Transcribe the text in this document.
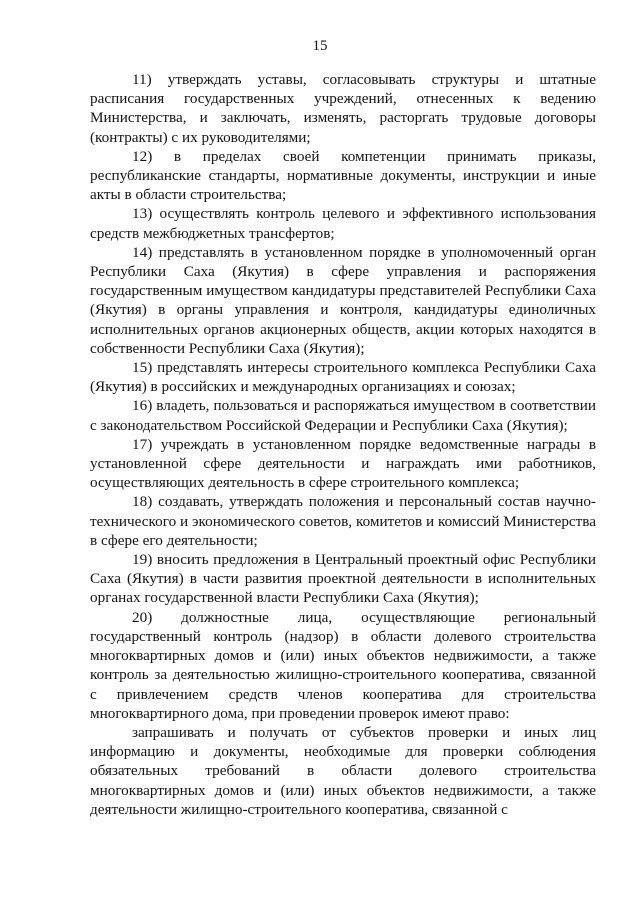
15

11) утверждать уставы, согласовывать структуры и штатные расписания государственных учреждений, отнесенных к ведению Министерства, и заключать, изменять, расторгать трудовые договоры (контракты) с их руководителями;

12) в пределах своей компетенции принимать приказы, республиканские стандарты, нормативные документы, инструкции и иные акты в области строительства;

13) осуществлять контроль целевого и эффективного использования средств межбюджетных трансфертов;

14) представлять в установленном порядке в уполномоченный орган Республики Саха (Якутия) в сфере управления и распоряжения государственным имуществом кандидатуры представителей Республики Саха (Якутия) в органы управления и контроля, кандидатуры единоличных исполнительных органов акционерных обществ, акции которых находятся в собственности Республики Саха (Якутия);

15) представлять интересы строительного комплекса Республики Саха (Якутия) в российских и международных организациях и союзах;

16) владеть, пользоваться и распоряжаться имуществом в соответствии с законодательством Российской Федерации и Республики Саха (Якутия);

17) учреждать в установленном порядке ведомственные награды в установленной сфере деятельности и награждать ими работников, осуществляющих деятельность в сфере строительного комплекса;

18) создавать, утверждать положения и персональный состав научно-технического и экономического советов, комитетов и комиссий Министерства в сфере его деятельности;

19) вносить предложения в Центральный проектный офис Республики Саха (Якутия) в части развития проектной деятельности в исполнительных органах государственной власти Республики Саха (Якутия);

20) должностные лица, осуществляющие региональный государственный контроль (надзор) в области долевого строительства многоквартирных домов и (или) иных объектов недвижимости, а также контроль за деятельностью жилищно-строительного кооператива, связанной с привлечением средств членов кооператива для строительства многоквартирного дома, при проведении проверок имеют право:

запрашивать и получать от субъектов проверки и иных лиц информацию и документы, необходимые для проверки соблюдения обязательных требований в области долевого строительства многоквартирных домов и (или) иных объектов недвижимости, а также деятельности жилищно-строительного кооператива, связанной с
